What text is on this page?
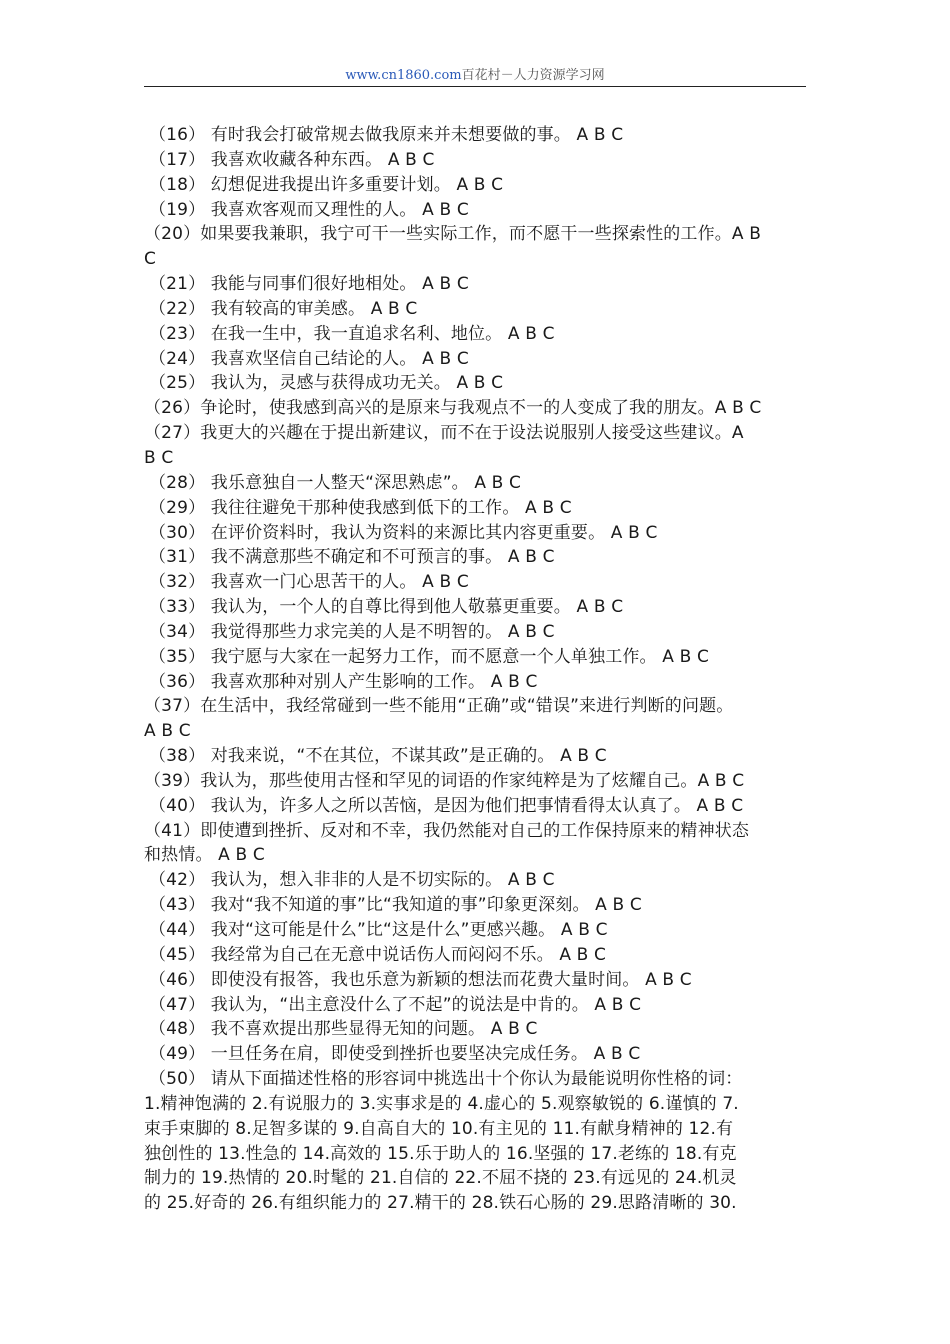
www.cn1860.com百花村－人力资源学习网
（16） 有时我会打破常规去做我原来并未想要做的事。 A B C
（17） 我喜欢收藏各种东西。 A B C
（18） 幻想促进我提出许多重要计划。 A B C
（19） 我喜欢客观而又理性的人。 A B C
（20）如果要我兼职，我宁可干一些实际工作，而不愿干一些探索性的工作。A B
C
（21） 我能与同事们很好地相处。 A B C
（22） 我有较高的审美感。 A B C
（23） 在我一生中，我一直追求名利、地位。 A B C
（24） 我喜欢坚信自己结论的人。 A B C
（25） 我认为，灵感与获得成功无关。 A B C
（26）争论时，使我感到高兴的是原来与我观点不一的人变成了我的朋友。A B C
（27）我更大的兴趣在于提出新建议，而不在于设法说服别人接受这些建议。A
B C
（28） 我乐意独自一人整天“深思熟虑”。 A B C
（29） 我往往避免干那种使我感到低下的工作。 A B C
（30） 在评价资料时，我认为资料的来源比其内容更重要。 A B C
（31） 我不满意那些不确定和不可预言的事。 A B C
（32） 我喜欢一门心思苦干的人。 A B C
（33） 我认为，一个人的自尊比得到他人敬慕更重要。 A B C
（34） 我觉得那些力求完美的人是不明智的。 A B C
（35） 我宁愿与大家在一起努力工作，而不愿意一个人单独工作。 A B C
（36） 我喜欢那种对别人产生影响的工作。 A B C
（37）在生活中，我经常碰到一些不能用“正确”或“错误”来进行判断的问题。
A B C
（38） 对我来说，“不在其位，不谋其政”是正确的。 A B C
（39）我认为，那些使用古怪和罕见的词语的作家纯粹是为了炫耀自己。A B C
（40） 我认为，许多人之所以苦恼，是因为他们把事情看得太认真了。 A B C
（41）即使遭到挫折、反对和不幸，我仍然能对自己的工作保持原来的精神状态
和热情。 A B C
（42） 我认为，想入非非的人是不切实际的。 A B C
（43） 我对“我不知道的事”比“我知道的事”印象更深刻。 A B C
（44） 我对“这可能是什么”比“这是什么”更感兴趣。 A B C
（45） 我经常为自己在无意中说话伤人而闷闷不乐。 A B C
（46） 即使没有报答，我也乐意为新颖的想法而花费大量时间。 A B C
（47） 我认为，“出主意没什么了不起”的说法是中肯的。 A B C
（48） 我不喜欢提出那些显得无知的问题。 A B C
（49） 一旦任务在肩，即使受到挫折也要坚决完成任务。 A B C
（50） 请从下面描述性格的形容词中挑选出十个你认为最能说明你性格的词：
1.精神饱满的 2.有说服力的 3.实事求是的 4.虚心的 5.观察敏锐的 6.谨慎的 7.
束手束脚的 8.足智多谋的 9.自高自大的 10.有主见的 11.有献身精神的 12.有
独创性的 13.性急的 14.高效的 15.乐于助人的 16.坚强的 17.老练的 18.有克
制力的 19.热情的 20.时髦的 21.自信的 22.不屈不挠的 23.有远见的 24.机灵
的 25.好奇的 26.有组织能力的 27.精干的 28.铁石心肠的 29.思路清晰的 30.
